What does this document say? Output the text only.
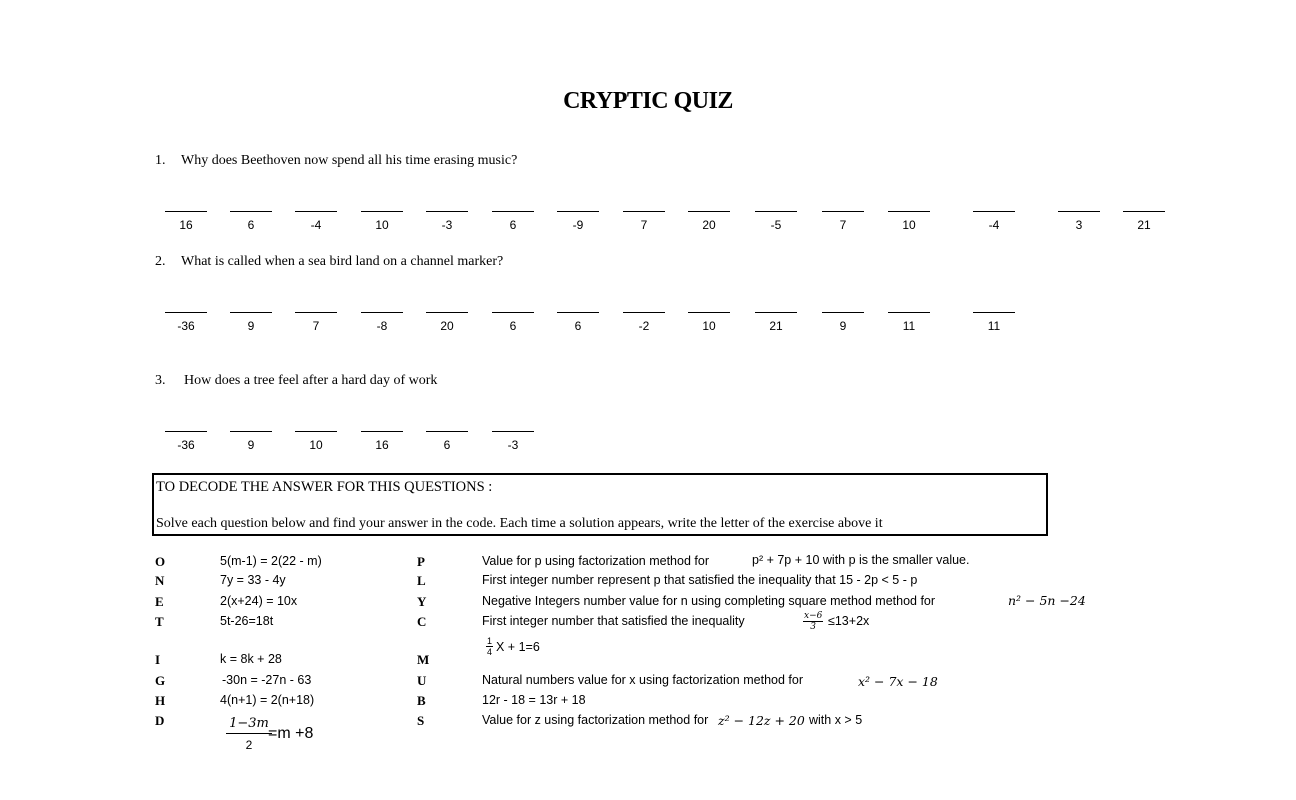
CRYPTIC QUIZ
1. Why does Beethoven now spend all his time erasing music?
16	6	-4	10	-3	6	-9	7	20	-5	7	10	-4	3	21
2. What is called when a sea bird land on a channel marker?
-36	9	7	-8	20	6	6	-2	10	21	9	11	11
3. How does a tree feel after a hard day of work
-36	9	10	16	6	-3
TO DECODE THE ANSWER FOR THIS QUESTIONS :
Solve each question below and find your answer in the code. Each time a solution appears, write the letter of the exercise above it
O	5(m-1) = 2(22 - m)
N	7y = 33 - 4y
E	2(x+24) = 10x
T	5t-26=18t
I	k = 8k + 28
G	-30n = -27n - 63
H	4(n+1) = 2(n+18)
D	$\frac{1-3m}{2}$
=m +8
P	Value for p using factorization method for	p² + 7p + 10 with p is the smaller value.
L	First integer number represent p that satisfied the inequality that 15 - 2p < 5 - p
Y	Negative Integers number value for n using completing square method method for	n² − 5n −24
C	First integer number that satisfied the inequality	$\frac{x-6}{3} \le 13+2x$
M
$\frac{1}{4}$ X + 1=6
U	Natural numbers value for x using factorization method for	x² − 7x − 18
B	12r - 18 = 13r + 18
S	Value for z using factorization method for z² − 12z + 20 with x > 5
